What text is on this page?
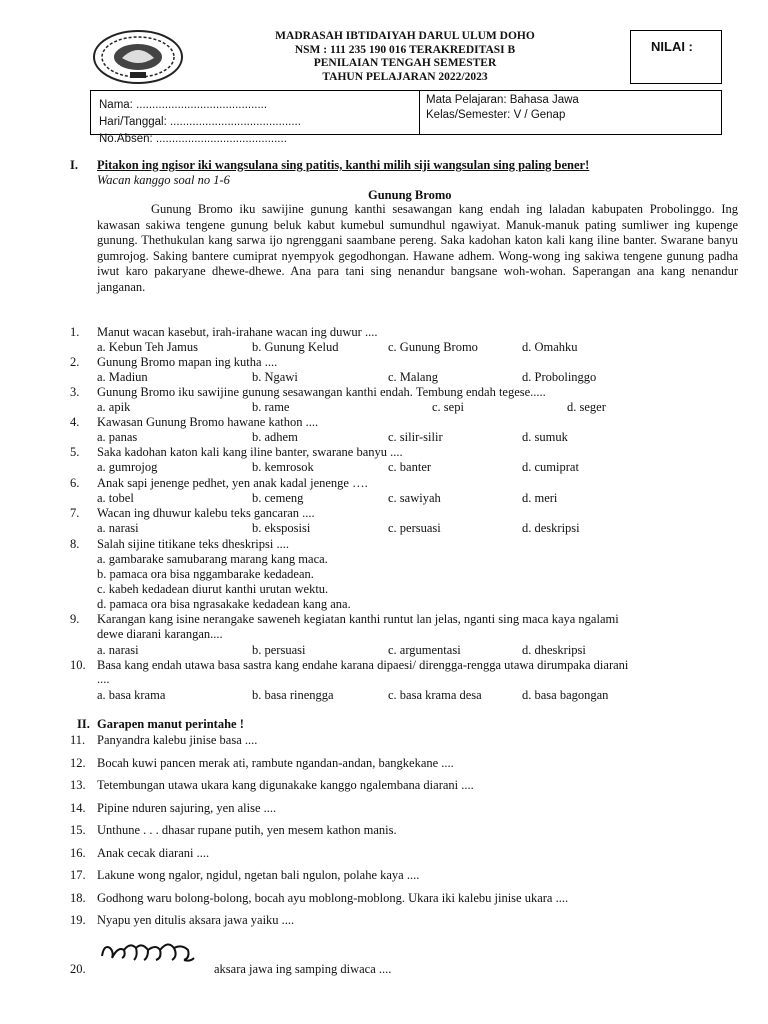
MADRASAH IBTIDAIYAH DARUL ULUM DOHO
NSM : 111 235 190 016 TERAKREDITASI B
PENILAIAN TENGAH SEMESTER
TAHUN PELAJARAN 2022/2023
NILAI :
Nama: .........................................
Hari/Tanggal: .........................................
No.Absen: .........................................
Mata Pelajaran: Bahasa Jawa
Kelas/Semester: V / Genap
I. Pitakon ing ngisor iki wangsulana sing patitis, kanthi milih siji wangsulan sing paling bener!
Wacan kanggo soal no 1-6
Gunung Bromo

Gunung Bromo iku sawijine gunung kanthi sesawangan kang endah ing laladan kabupaten Probolinggo. Ing kawasan sakiwa tengene gunung beluk kabut kumebul sumundhul ngawiyat. Manuk-manuk pating sumliwer ing kupenge gunung. Thethukulan kang sarwa ijo ngrenggani saambane pereng. Saka kadohan katon kali kang iline banter. Swarane banyu gumrojog. Saking bantere cumiprat nyempyok gegodhongan. Hawane adhem. Wong-wong ing sakiwa tengene gunung padha iwut karo pakaryane dhewe-dhewe. Ana para tani sing nenandur bangsane woh-wohan. Saperangan ana kang nenandur janganan.

1.	Manut wacan kasebut, irah-irahane wacan ing duwur ....
a. Kebun Teh Jamus	b. Gunung Kelud	c. Gunung Bromo	d. Omahku
2.	Gunung Bromo mapan ing kutha ....
a. Madiun	b. Ngawi	c. Malang	d. Probolinggo
3.	Gunung Bromo iku sawijine gunung sesawangan kanthi endah. Tembung endah tegese.....
a. apik	b. rame	c. sepi	d. seger
4.	Kawasan Gunung Bromo hawane kathon ....
a. panas	b. adhem	c. silir-silir	d. sumuk
5.	Saka kadohan katon kali kang iline banter, swarane banyu ....
a. gumrojog	b. kemrosok	c. banter	d. cumiprat
6.	Anak sapi jenenge pedhet, yen anak kadal jenenge ….
a. tobel	b. cemeng	c. sawiyah	d. meri
7.	Wacan ing dhuwur kalebu teks gancaran ....
a. narasi	b. eksposisi	c. persuasi	d. deskripsi
8.	Salah sijine titikane teks dheskripsi ....
a. gambarake samubarang marang kang maca.
b. pamaca ora bisa nggambarake kedadean.
c. kabeh kedadean diurut kanthi urutan wektu.
d. pamaca ora bisa ngrasakake kedadean kang ana.
9.	Karangan kang isine nerangake saweneh kegiatan kanthi runtut lan jelas, nganti sing maca kaya ngalami
dewe diarani karangan....
a. narasi	b. persuasi	c. argumentasi	d. dheskripsi
10. Basa kang endah utawa basa sastra kang endahe karana dipaesi/ direngga-rengga utawa dirumpaka diarani
....
a. basa krama	b. basa rinengga	c. basa krama desa	d. basa bagongan
II. Garapen manut perintahe !
11. Panyandra kalebu jinise basa ....
12. Bocah kuwi pancen merak ati, rambute ngandan-andan, bangkekane ....
13. Tetembungan utawa ukara kang digunakake kanggo ngalembana diarani ....
14. Pipine nduren sajuring, yen alise ....
15. Unthune . . . dhasar rupane putih, yen mesem kathon manis.
16. Anak cecak diarani ....
17. Lakune wong ngalor, ngidul, ngetan bali ngulon, polahe kaya ....
18. Godhong waru bolong-bolong, bocah ayu moblong-moblong. Ukara iki kalebu jinise ukara ....
19. Nyapu yen ditulis aksara jawa yaiku ....
20.	aksara jawa ing samping diwaca ....
